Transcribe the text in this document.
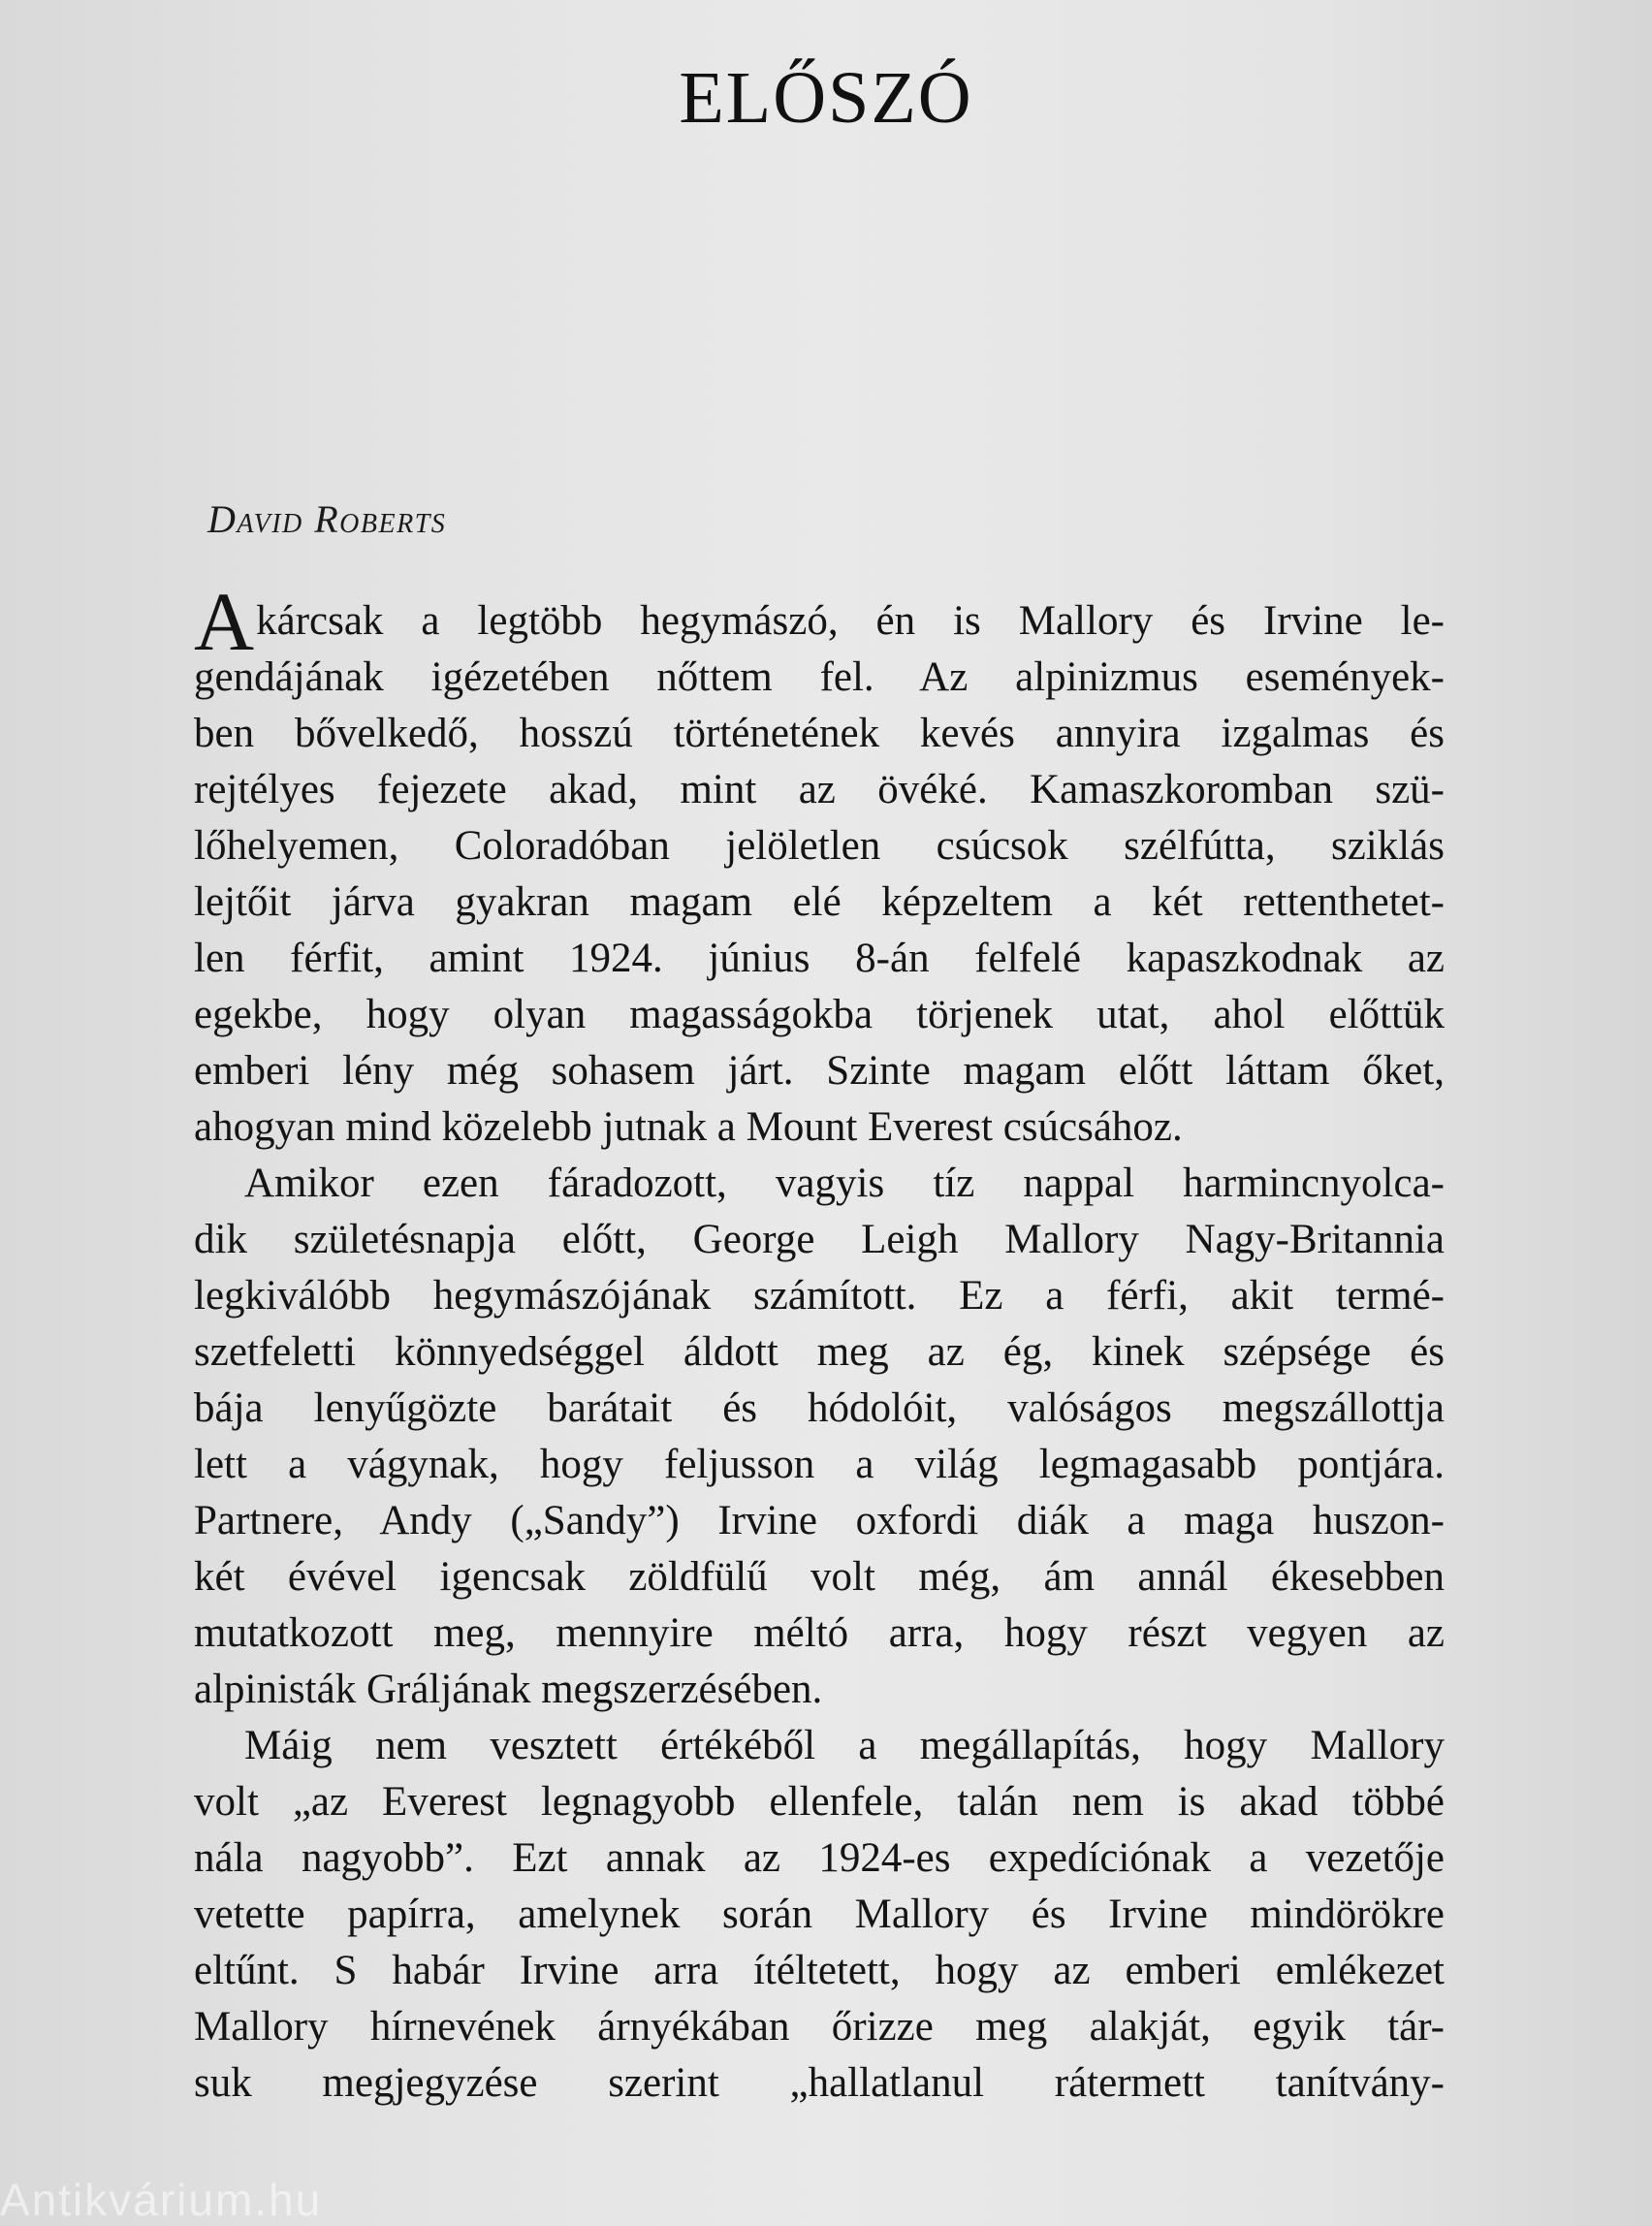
ELŐSZÓ
David Roberts

Akárcsak a legtöbb hegymászó, én is Mallory és Irvine le-
gendájának igézetében nőttem fel. Az alpinizmus események-
ben bővelkedő, hosszú történetének kevés annyira izgalmas és
rejtélyes fejezete akad, mint az övéké. Kamaszkoromban szü-
lőhelyemen, Coloradóban jelöletlen csúcsok szélfútta, sziklás
lejtőit járva gyakran magam elé képzeltem a két rettenthetet-
len férfit, amint 1924. június 8-án felfelé kapaszkodnak az
egekbe, hogy olyan magasságokba törjenek utat, ahol előttük
emberi lény még sohasem járt. Szinte magam előtt láttam őket,
ahogyan mind közelebb jutnak a Mount Everest csúcsához.

Amikor ezen fáradozott, vagyis tíz nappal harmincnyolca-
dik születésnapja előtt, George Leigh Mallory Nagy-Britannia
legkiválóbb hegymászójának számított. Ez a férfi, akit termé-
szetfeletti könnyedséggel áldott meg az ég, kinek szépsége és
bája lenyűgözte barátait és hódolóit, valóságos megszállottja
lett a vágynak, hogy feljusson a világ legmagasabb pontjára.
Partnere, Andy („Sandy”) Irvine oxfordi diák a maga huszon-
két évével igencsak zöldfülű volt még, ám annál ékesebben
mutatkozott meg, mennyire méltó arra, hogy részt vegyen az
alpinisták Gráljának megszerzésében.

Máig nem vesztett értékéből a megállapítás, hogy Mallory
volt „az Everest legnagyobb ellenfele, talán nem is akad többé
nála nagyobb”. Ezt annak az 1924-es expedíciónak a vezetője
vetette papírra, amelynek során Mallory és Irvine mindörökre
eltűnt. S habár Irvine arra ítéltetett, hogy az emberi emlékezet
Mallory hírnevének árnyékában őrizze meg alakját, egyik tár-
suk megjegyzése szerint „hallatlanul rátermett tanítvány-

Antikvárium.hu
